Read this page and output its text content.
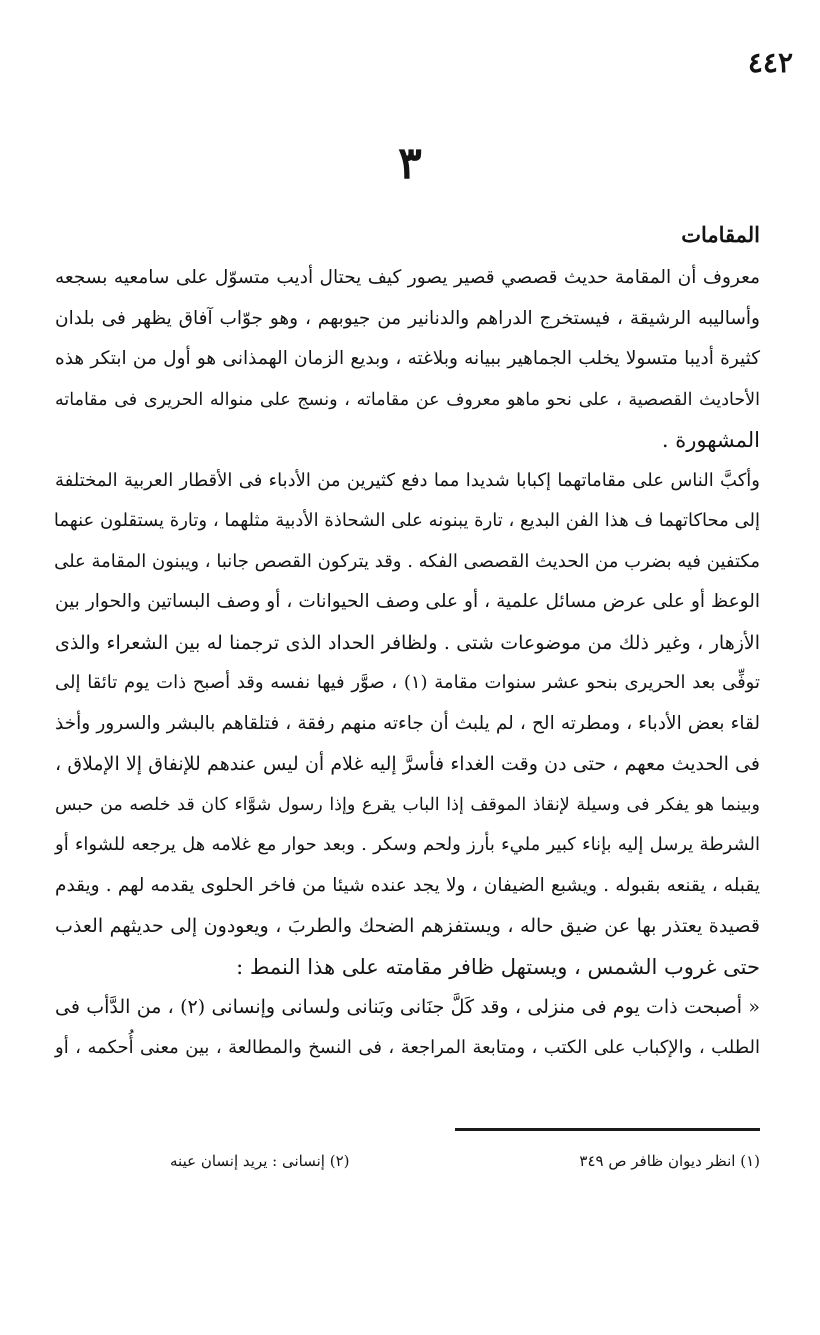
٤٤٢
٣
المقامات
معروف أن المقامة حديث قصصي قصير يصور كيف يحتال أديب متسوّل على سامعيه بسجعه
وأساليبه الرشيقة ، فيستخرج الدراهم والدنانير من جيوبهم ، وهو جوّاب آفاق يظهر فى بلدان
كثيرة أديبا متسولا يخلب الجماهير ببيانه وبلاغته ، وبديع الزمان الهمذانى هو أول من ابتكر هذه
الأحاديث القصصية ، على نحو ماهو معروف عن مقاماته ، ونسج على منواله الحريرى فى مقاماته
المشهورة .
وأكبَّ الناس على مقاماتهما إكبابا شديدا مما دفع كثيرين من الأدباء فى الأقطار العربية المختلفة
إلى محاكاتهما ف هذا الفن البديع ، تارة يبنونه على الشحاذة الأدبية مثلهما ، وتارة يستقلون عنهما
مكتفين فيه بضرب من الحديث القصصى الفكه . وقد يتركون القصص جانبا ، ويبنون المقامة على
الوعظ أو على عرض مسائل علمية ، أو على وصف الحيوانات ، أو وصف البساتين والحوار بين
الأزهار ، وغير ذلك من موضوعات شتى . ولظافر الحداد الذى ترجمنا له بين الشعراء والذى
توفِّى بعد الحريرى بنحو عشر سنوات مقامة (١) ، صوَّر فيها نفسه وقد أصبح ذات يوم تائقا إلى
لقاء بعض الأدباء ، ومطرته الح ، لم يلبث أن جاءته منهم رفقة ، فتلقاهم بالبشر والسرور وأخذ
فى الحديث معهم ، حتى دن وقت الغداء فأسرَّ إليه غلام أن ليس عندهم للإنفاق إلا الإملاق ،
وبينما هو يفكر فى وسيلة لإنقاذ الموقف إذا الباب يقرع وإذا رسول شوَّاء كان قد خلصه من حبس
الشرطة يرسل إليه بإناء كبير مليء بأرز ولحم وسكر . وبعد حوار مع غلامه هل يرجعه للشواء أو
يقبله ، يقنعه بقبوله . ويشبع الضيفان ، ولا يجد عنده شيئا من فاخر الحلوى يقدمه لهم . ويقدم
قصيدة يعتذر بها عن ضيق حاله ، ويستفزهم الضحك والطربَ ، ويعودون إلى حديثهم العذب
حتى غروب الشمس ، ويستهل ظافر مقامته على هذا النمط :
« أصبحت ذات يوم فى منزلى ، وقد كَلَّ جنَانى وبَنانى ولسانى وإنسانى (٢) ، من الدَّأب فى
الطلب ، والإكباب على الكتب ، ومتابعة المراجعة ، فى النسخ والمطالعة ، بين معنى أُحكمه ، أو
(١) انظر ديوان ظافر ص ٣٤٩
(٢) إنسانى : يريد إنسان عينه
